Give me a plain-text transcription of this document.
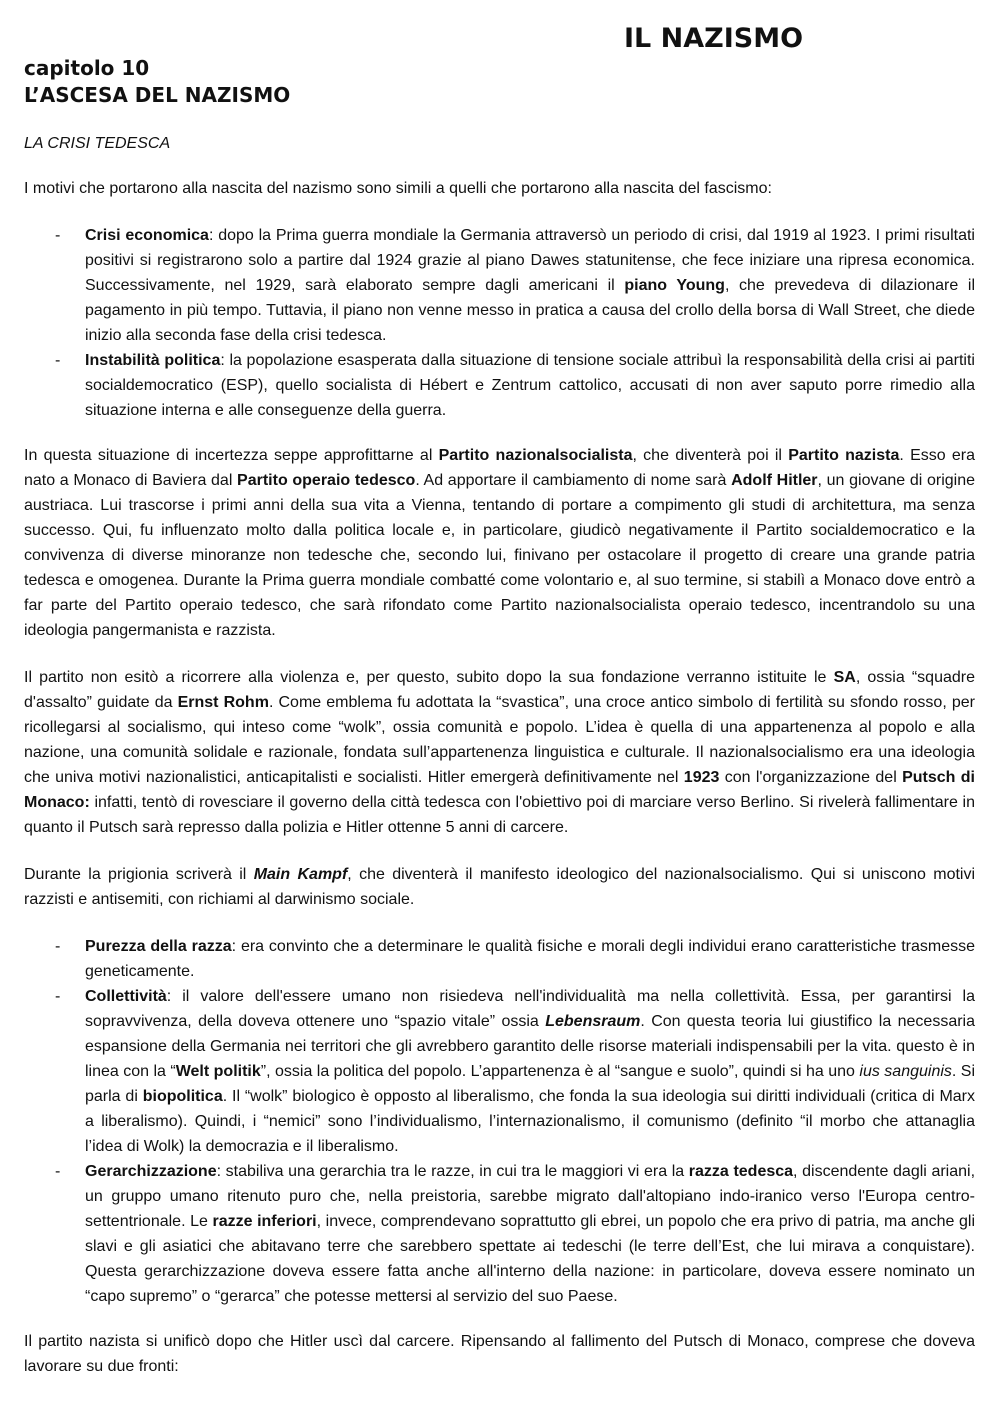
IL NAZISMO
capitolo 10
L’ASCESA DEL NAZISMO

LA CRISI TEDESCA

I motivi che portarono alla nascita del nazismo sono simili a quelli che portarono alla nascita del fascismo:

- Crisi economica: dopo la Prima guerra mondiale la Germania attraversò un periodo di crisi, dal 1919 al 1923. I primi risultati positivi si registrarono solo a partire dal 1924 grazie al piano Dawes statunitense, che fece iniziare una ripresa economica. Successivamente, nel 1929, sarà elaborato sempre dagli americani il piano Young, che prevedeva di dilazionare il pagamento in più tempo. Tuttavia, il piano non venne messo in pratica a causa del crollo della borsa di Wall Street, che diede inizio alla seconda fase della crisi tedesca.
- Instabilità politica: la popolazione esasperata dalla situazione di tensione sociale attribuì la responsabilità della crisi ai partiti socialdemocratico (ESP), quello socialista di Hébert e Zentrum cattolico, accusati di non aver saputo porre rimedio alla situazione interna e alle conseguenze della guerra.

In questa situazione di incertezza seppe approfittarne al Partito nazionalsocialista, che diventerà poi il Partito nazista. Esso era nato a Monaco di Baviera dal Partito operaio tedesco. Ad apportare il cambiamento di nome sarà Adolf Hitler, un giovane di origine austriaca. Lui trascorse i primi anni della sua vita a Vienna, tentando di portare a compimento gli studi di architettura, ma senza successo. Qui, fu influenzato molto dalla politica locale e, in particolare, giudicò negativamente il Partito socialdemocratico e la convivenza di diverse minoranze non tedesche che, secondo lui, finivano per ostacolare il progetto di creare una grande patria tedesca e omogenea. Durante la Prima guerra mondiale combatté come volontario e, al suo termine, si stabilì a Monaco dove entrò a far parte del Partito operaio tedesco, che sarà rifondato come Partito nazionalsocialista operaio tedesco, incentrandolo su una ideologia pangermanista e razzista.

Il partito non esitò a ricorrere alla violenza e, per questo, subito dopo la sua fondazione verranno istituite le SA, ossia “squadre d'assalto” guidate da Ernst Rohm. Come emblema fu adottata la “svastica”, una croce antico simbolo di fertilità su sfondo rosso, per ricollegarsi al socialismo, qui inteso come “wolk”, ossia comunità e popolo. L’idea è quella di una appartenenza al popolo e alla nazione, una comunità solidale e razionale, fondata sull’appartenenza linguistica e culturale. Il nazionalsocialismo era una ideologia che univa motivi nazionalistici, anticapitalisti e socialisti. Hitler emergerà definitivamente nel 1923 con l'organizzazione del Putsch di Monaco: infatti, tentò di rovesciare il governo della città tedesca con l'obiettivo poi di marciare verso Berlino. Si rivelerà fallimentare in quanto il Putsch sarà represso dalla polizia e Hitler ottenne 5 anni di carcere.

Durante la prigionia scriverà il Main Kampf, che diventerà il manifesto ideologico del nazionalsocialismo. Qui si uniscono motivi razzisti e antisemiti, con richiami al darwinismo sociale.

- Purezza della razza: era convinto che a determinare le qualità fisiche e morali degli individui erano caratteristiche trasmesse geneticamente.
- Collettività: il valore dell'essere umano non risiedeva nell'individualità ma nella collettività. Essa, per garantirsi la sopravvivenza, della doveva ottenere uno “spazio vitale” ossia Lebensraum. Con questa teoria lui giustifico la necessaria espansione della Germania nei territori che gli avrebbero garantito delle risorse materiali indispensabili per la vita. questo è in linea con la “Welt politik”, ossia la politica del popolo. L’appartenenza è al “sangue e suolo”, quindi si ha uno ius sanguinis. Si parla di biopolitica. Il “wolk” biologico è opposto al liberalismo, che fonda la sua ideologia sui diritti individuali (critica di Marx a liberalismo). Quindi, i “nemici” sono l’individualismo, l’internazionalismo, il comunismo (definito “il morbo che attanaglia l’idea di Wolk) la democrazia e il liberalismo.
- Gerarchizzazione: stabiliva una gerarchia tra le razze, in cui tra le maggiori vi era la razza tedesca, discendente dagli ariani, un gruppo umano ritenuto puro che, nella preistoria, sarebbe migrato dall'altopiano indo-iranico verso l'Europa centro-settentrionale. Le razze inferiori, invece, comprendevano soprattutto gli ebrei, un popolo che era privo di patria, ma anche gli slavi e gli asiatici che abitavano terre che sarebbero spettate ai tedeschi (le terre dell’Est, che lui mirava a conquistare). Questa gerarchizzazione doveva essere fatta anche all'interno della nazione: in particolare, doveva essere nominato un “capo supremo” o “gerarca” che potesse mettersi al servizio del suo Paese.

Il partito nazista si unificò dopo che Hitler uscì dal carcere. Ripensando al fallimento del Putsch di Monaco, comprese che doveva lavorare su due fronti:
